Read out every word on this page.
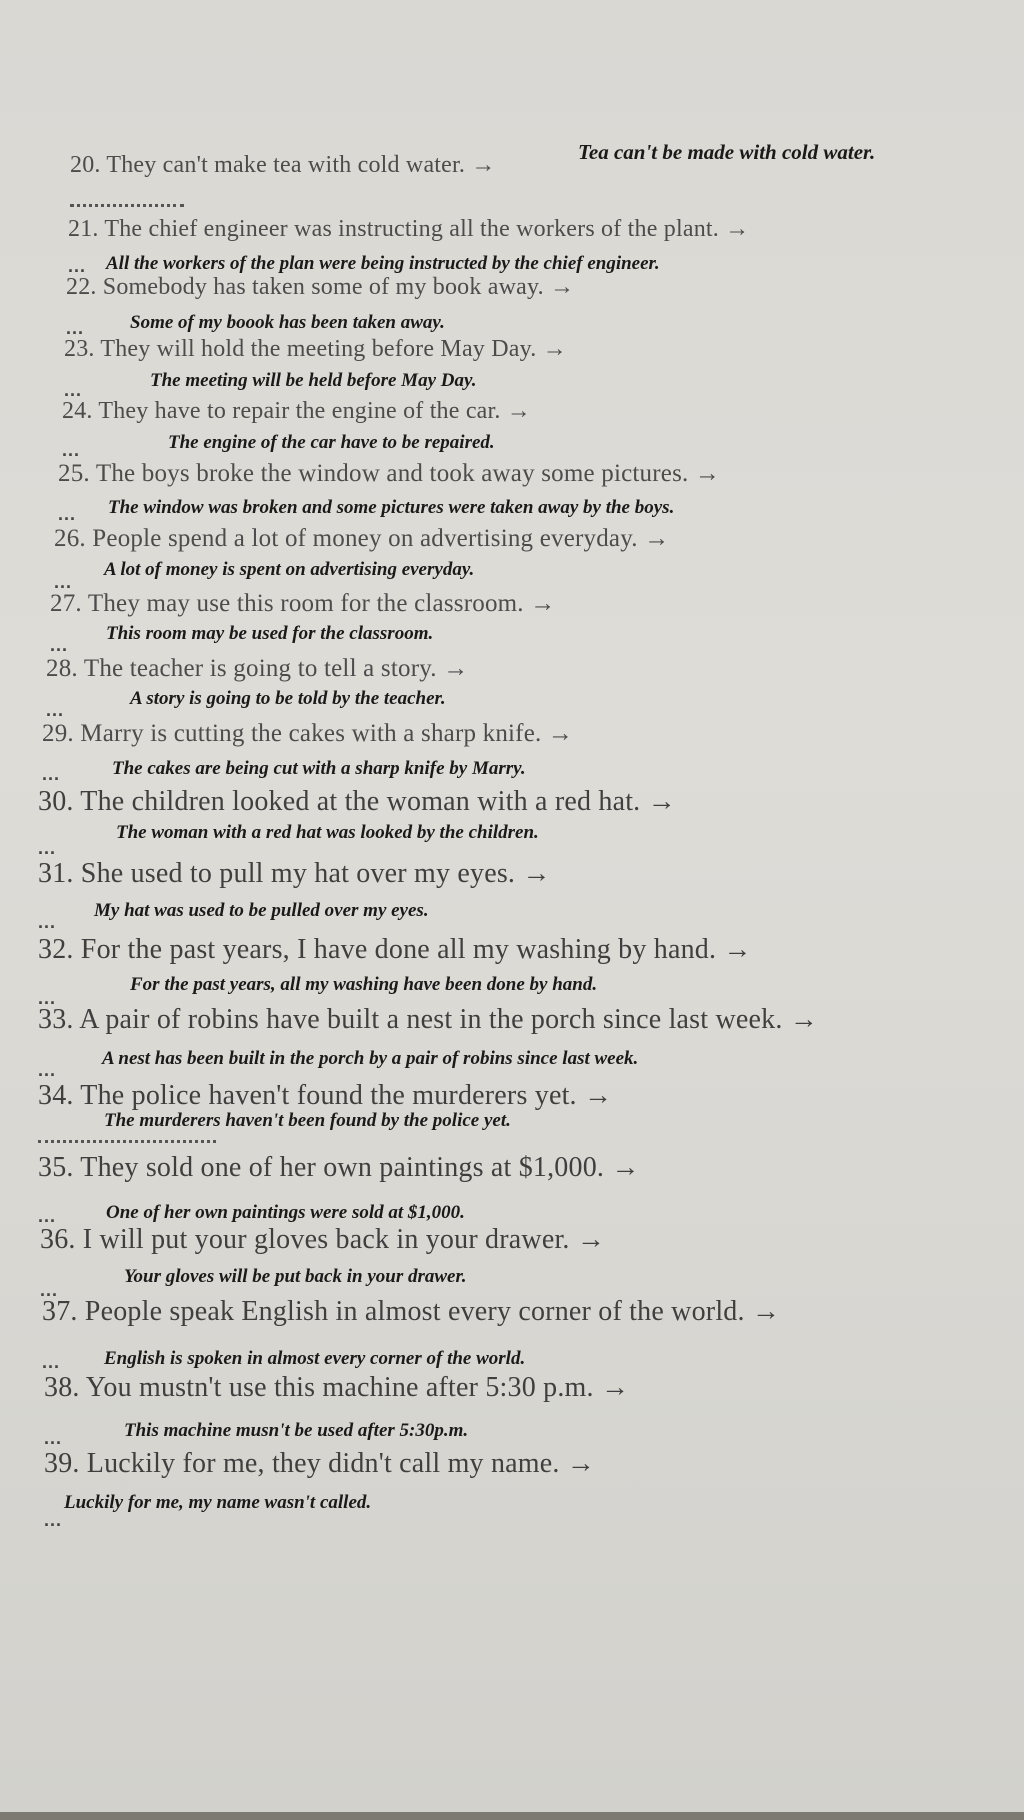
20. They can't make tea with cold water. →	Tea can't be made with cold water.
21. The chief engineer was instructing all the workers of the plant. →
... All the workers of the plan were being instructed by the chief engineer.
22. Somebody has taken some of my book away. →
... Some of my boook has been taken away.
23. They will hold the meeting before May Day. →
...	The meeting will be held before May Day.
24. They have to repair the engine of the car. →
...	The engine of the car have to be repaired.
25. The boys broke the window and took away some pictures. →
... The window was broken and some pictures were taken away by the boys.
26. People spend a lot of money on advertising everyday. →
...
A lot of money is spent on advertising everyday.
27. They may use this room for the classroom. →
...
This room may be used for the classroom.
28. The teacher is going to tell a story. →
...
A story is going to be told by the teacher.
29. Marry is cutting the cakes with a sharp knife. →
...	The cakes are being cut with a sharp knife by Marry.
30. The children looked at the woman with a red hat. →
...
The woman with a red hat was looked by the children.
31. She used to pull my hat over my eyes. →
...
My hat was used to be pulled over my eyes.
32. For the past years, I have done all my washing by hand. →
...
For the past years, all my washing have been done by hand.
33. A pair of robins have built a nest in the porch since last week. →
...
A nest has been built in the porch by a pair of robins since last week.
34. The police haven't found the murderers yet. →
The murderers haven't been found by the police yet.
35. They sold one of her own paintings at $1,000. →
...	One of her own paintings were sold at $1,000.
36. I will put your gloves back in your drawer. →
...
Your gloves will be put back in your drawer.
37. People speak English in almost every corner of the world. →
... English is spoken in almost every corner of the world.
38. You mustn't use this machine after 5:30 p.m. →
...	This machine musn't be used after 5:30p.m.
39. Luckily for me, they didn't call my name. →
Luckily for me, my name wasn't called.
...
